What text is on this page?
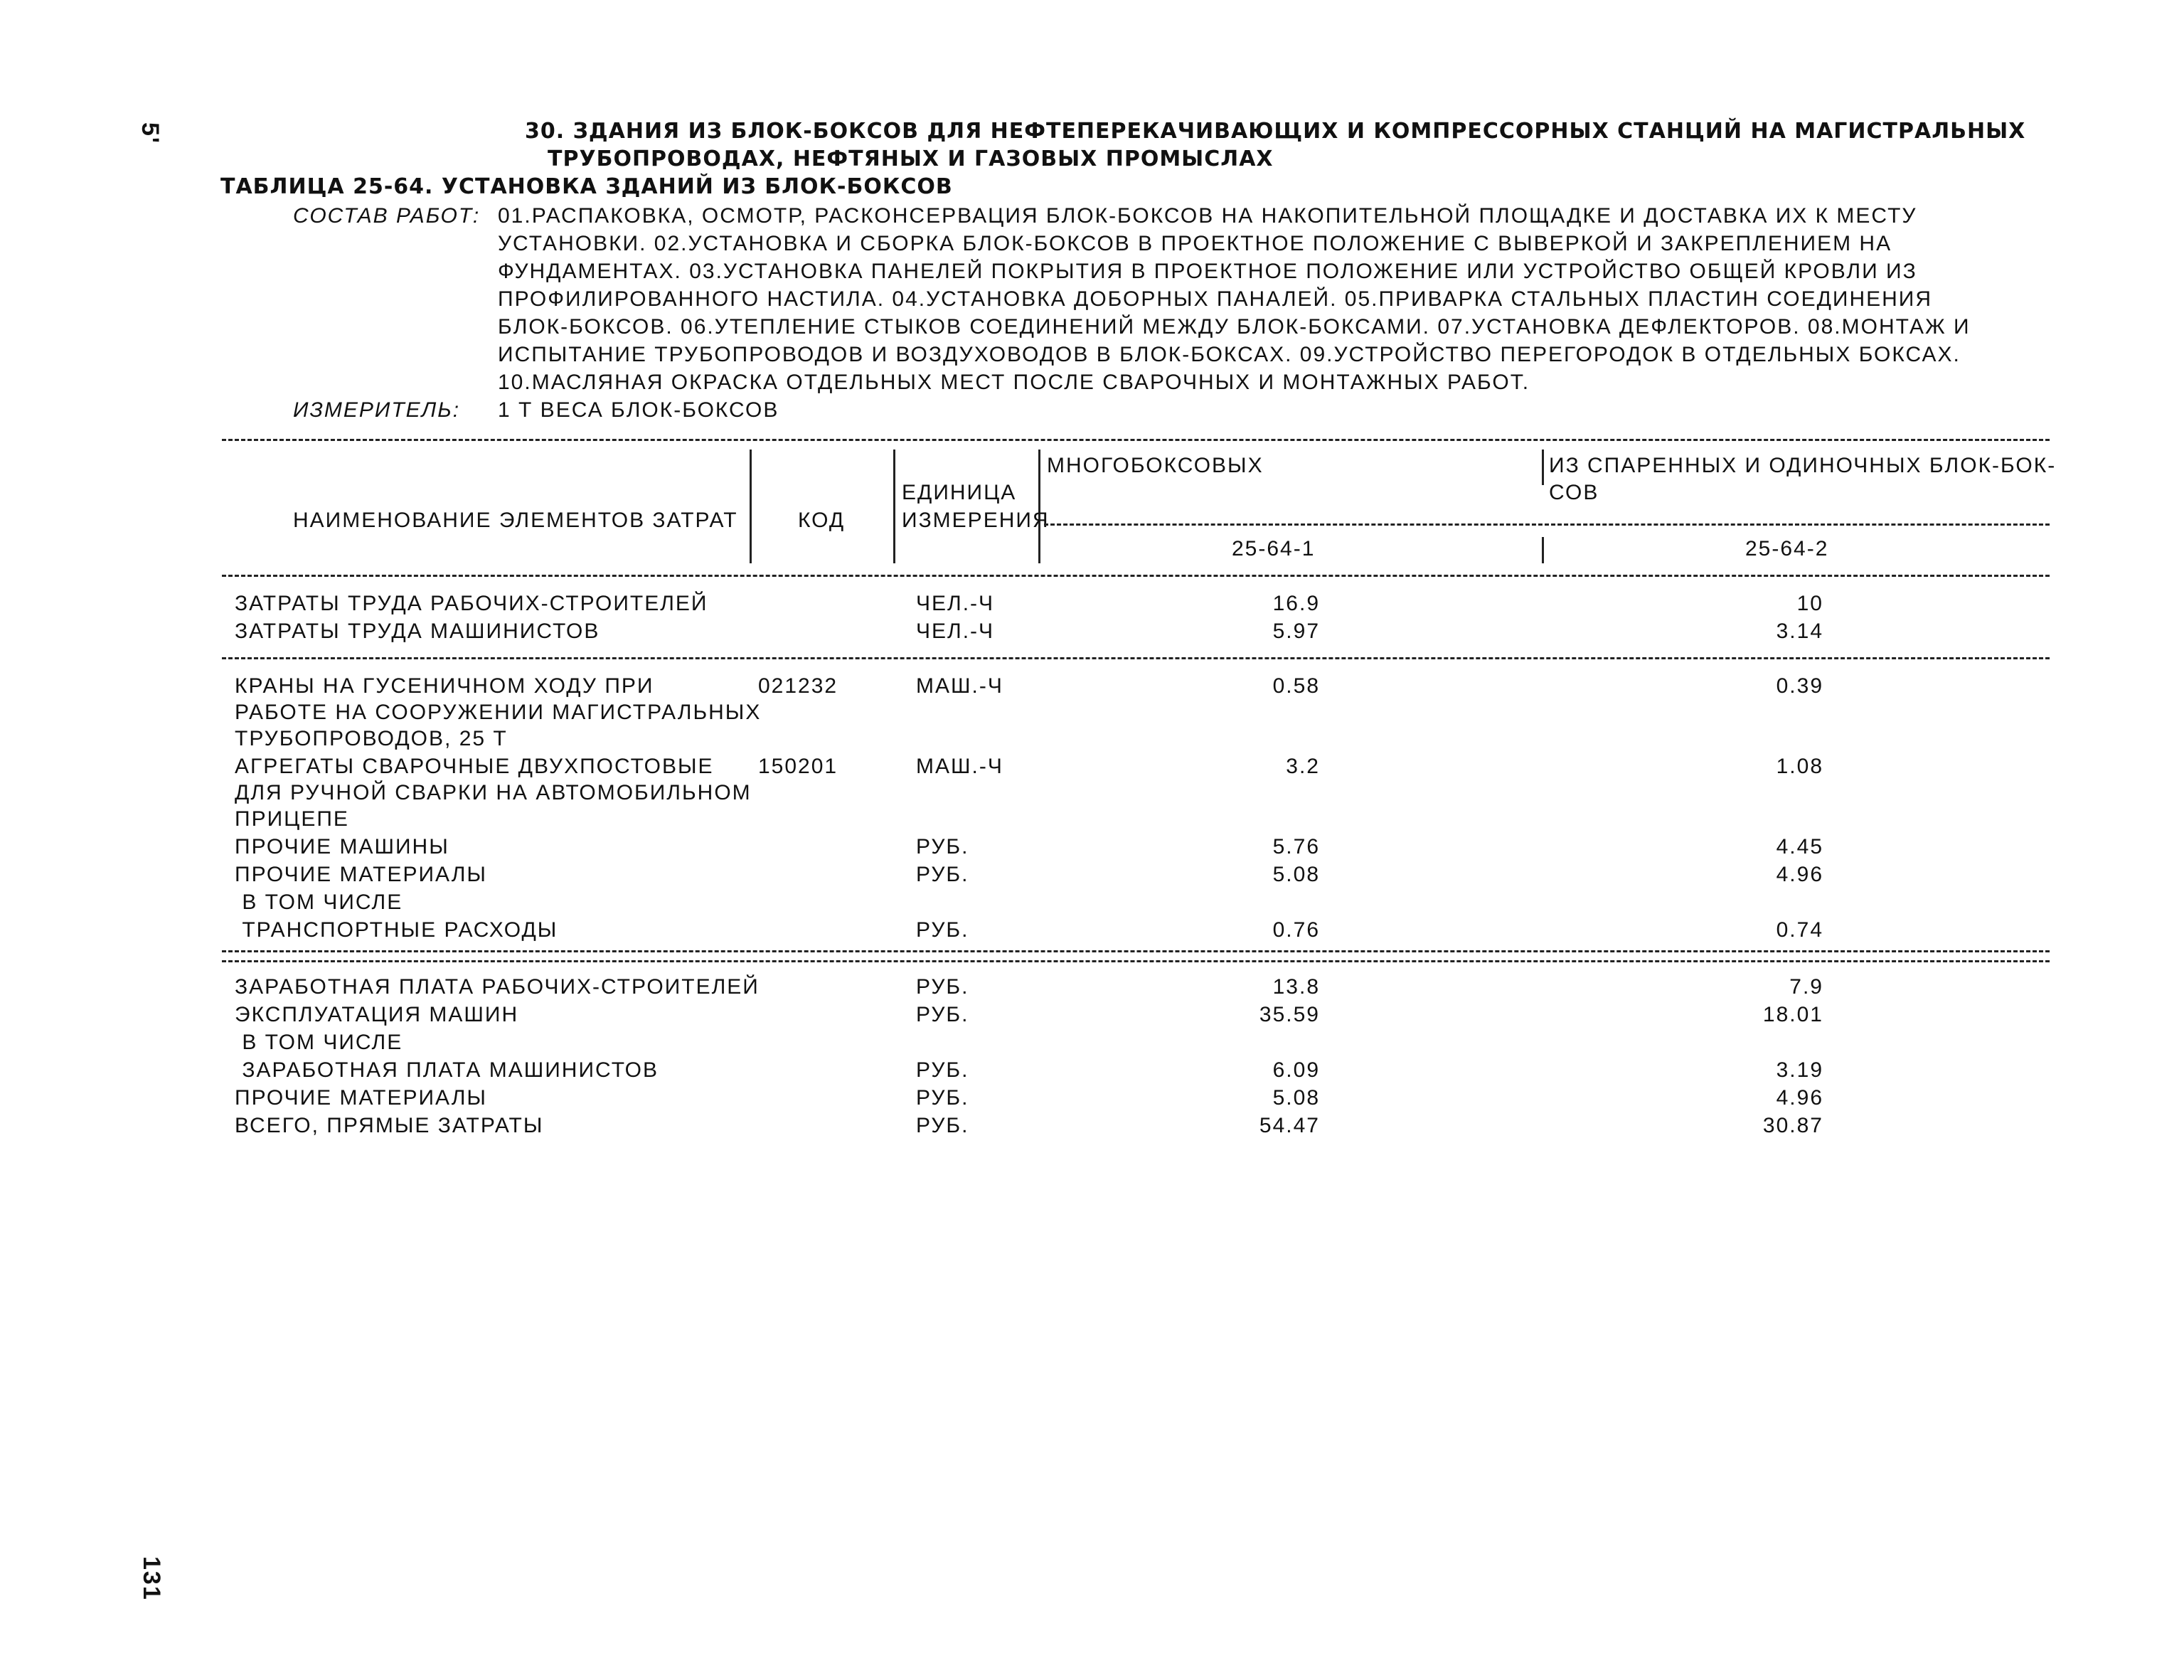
5'
131
30. ЗДАНИЯ ИЗ БЛОК-БОКСОВ ДЛЯ НЕФТЕПЕРЕКАЧИВАЮЩИХ И КОМПРЕССОРНЫХ СТАНЦИЙ НА МАГИСТРАЛЬНЫХ
ТРУБОПРОВОДАХ, НЕФТЯНЫХ И ГАЗОВЫХ ПРОМЫСЛАХ
ТАБЛИЦА 25-64. УСТАНОВКА ЗДАНИЙ ИЗ БЛОК-БОКСОВ
СОСТАВ РАБОТ: 01.РАСПАКОВКА, ОСМОТР, РАСКОНСЕРВАЦИЯ БЛОК-БОКСОВ НА НАКОПИТЕЛЬНОЙ ПЛОЩАДКЕ И ДОСТАВКА ИХ К МЕСТУ
УСТАНОВКИ. 02.УСТАНОВКА И СБОРКА БЛОК-БОКСОВ В ПРОЕКТНОЕ ПОЛОЖЕНИЕ С ВЫВЕРКОЙ И ЗАКРЕПЛЕНИЕМ НА
ФУНДАМЕНТАХ. 03.УСТАНОВКА ПАНЕЛЕЙ ПОКРЫТИЯ В ПРОЕКТНОЕ ПОЛОЖЕНИЕ ИЛИ УСТРОЙСТВО ОБЩЕЙ КРОВЛИ ИЗ
ПРОФИЛИРОВАННОГО НАСТИЛА. 04.УСТАНОВКА ДОБОРНЫХ ПАНАЛЕЙ. 05.ПРИВАРКА СТАЛЬНЫХ ПЛАСТИН СОЕДИНЕНИЯ
БЛОК-БОКСОВ. 06.УТЕПЛЕНИЕ СТЫКОВ СОЕДИНЕНИЙ МЕЖДУ БЛОК-БОКСАМИ. 07.УСТАНОВКА ДЕФЛЕКТОРОВ. 08.МОНТАЖ И
ИСПЫТАНИЕ ТРУБОПРОВОДОВ И ВОЗДУХОВОДОВ В БЛОК-БОКСАХ. 09.УСТРОЙСТВО ПЕРЕГОРОДОК В ОТДЕЛЬНЫХ БОКСАХ.
10.МАСЛЯНАЯ ОКРАСКА ОТДЕЛЬНЫХ МЕСТ ПОСЛЕ СВАРОЧНЫХ И МОНТАЖНЫХ РАБОТ.
ИЗМЕРИТЕЛЬ: 1 Т ВЕСА БЛОК-БОКСОВ
НАИМЕНОВАНИЕ ЭЛЕМЕНТОВ ЗАТРАТ	КОД
ЕДИНИЦА
ИЗМЕРЕНИЯ
МНОГОБОКСОВЫХ	ИЗ СПАРЕННЫХ И ОДИНОЧНЫХ БЛОК-БОК-
СОВ
25-64-1	25-64-2
ЗАТРАТЫ ТРУДА РАБОЧИХ-СТРОИТЕЛЕЙ	ЧЕЛ.-Ч	16.9	10
ЗАТРАТЫ ТРУДА МАШИНИСТОВ	ЧЕЛ.-Ч	5.97	3.14
КРАНЫ НА ГУСЕНИЧНОМ ХОДУ ПРИ
РАБОТЕ НА СООРУЖЕНИИ МАГИСТРАЛЬНЫХ
ТРУБОПРОВОДОВ, 25 Т
021232	МАШ.-Ч	0.58	0.39
АГРЕГАТЫ СВАРОЧНЫЕ ДВУХПОСТОВЫЕ
ДЛЯ РУЧНОЙ СВАРКИ НА АВТОМОБИЛЬНОМ
ПРИЦЕПЕ
150201	МАШ.-Ч	3.2	1.08
ПРОЧИЕ МАШИНЫ	РУБ.	5.76	4.45
ПРОЧИЕ МАТЕРИАЛЫ	РУБ.	5.08	4.96
В ТОМ ЧИСЛЕ
ТРАНСПОРТНЫЕ РАСХОДЫ	РУБ.	0.76	0.74
ЗАРАБОТНАЯ ПЛАТА РАБОЧИХ-СТРОИТЕЛЕЙ	РУБ.	13.8	7.9
ЭКСПЛУАТАЦИЯ МАШИН	РУБ.	35.59	18.01
В ТОМ ЧИСЛЕ
ЗАРАБОТНАЯ ПЛАТА МАШИНИСТОВ	РУБ.	6.09	3.19
ПРОЧИЕ МАТЕРИАЛЫ	РУБ.	5.08	4.96
ВСЕГО, ПРЯМЫЕ ЗАТРАТЫ	РУБ.	54.47	30.87
